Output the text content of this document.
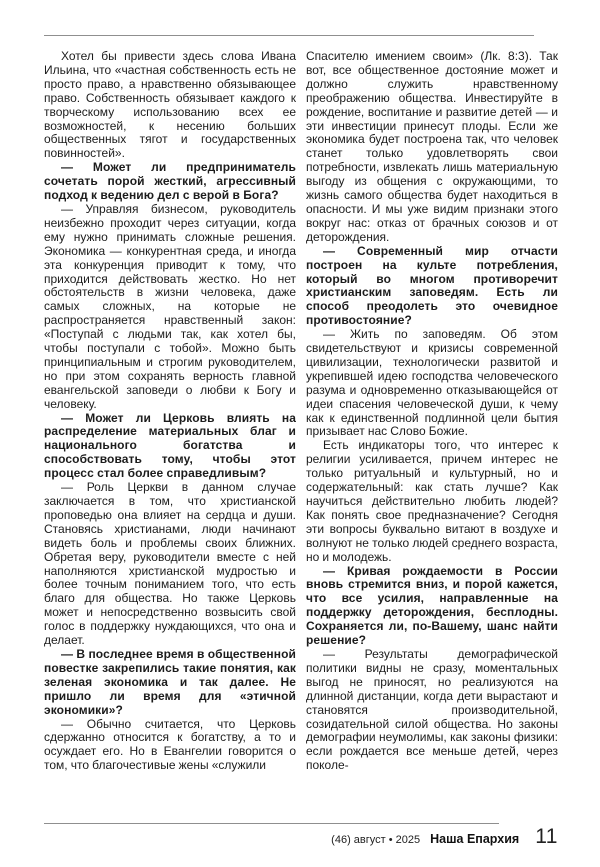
Хотел бы привести здесь слова Ивана Ильина, что «частная собственность есть не просто право, а нравственно обязывающее право. Собственность обязывает каждого к творческому использованию всех ее возможностей, к несению больших общественных тягот и государственных повинностей».

— Может ли предприниматель сочетать порой жесткий, агрессивный подход к ведению дел с верой в Бога?

— Управляя бизнесом, руководитель неизбежно проходит через ситуации, когда ему нужно принимать сложные решения. Экономика — конкурентная среда, и иногда эта конкуренция приводит к тому, что приходится действовать жестко. Но нет обстоятельств в жизни человека, даже самых сложных, на которые не распространяется нравственный закон: «Поступай с людьми так, как хотел бы, чтобы поступали с тобой». Можно быть принципиальным и строгим руководителем, но при этом сохранять верность главной евангельской заповеди о любви к Богу и человеку.

— Может ли Церковь влиять на распределение материальных благ и национального богатства и способствовать тому, чтобы этот процесс стал более справедливым?

— Роль Церкви в данном случае заключается в том, что христианской проповедью она влияет на сердца и души. Становясь христианами, люди начинают видеть боль и проблемы своих ближних. Обретая веру, руководители вместе с ней наполняются христианской мудростью и более точным пониманием того, что есть благо для общества. Но также Церковь может и непосредственно возвысить свой голос в поддержку нуждающихся, что она и делает.

— В последнее время в общественной повестке закрепились такие понятия, как зеленая экономика и так далее. Не пришло ли время для «этичной экономики»?

— Обычно считается, что Церковь сдержанно относится к богатству, а то и осуждает его. Но в Евангелии говорится о том, что благочестивые жены «служили

Спасителю имением своим» (Лк. 8:3). Так вот, все общественное достояние может и должно служить нравственному преображению общества. Инвестируйте в рождение, воспитание и развитие детей — и эти инвестиции принесут плоды. Если же экономика будет построена так, что человек станет только удовлетворять свои потребности, извлекать лишь материальную выгоду из общения с окружающими, то жизнь самого общества будет находиться в опасности. И мы уже видим признаки этого вокруг нас: отказ от брачных союзов и от деторождения.

— Современный мир отчасти построен на культе потребления, который во многом противоречит христианским заповедям. Есть ли способ преодолеть это очевидное противостояние?

— Жить по заповедям. Об этом свидетельствуют и кризисы современной цивилизации, технологически развитой и укрепившей идею господства человеческого разума и одновременно отказывающейся от идеи спасения человеческой души, к чему как к единственной подлинной цели бытия призывает нас Слово Божие.

Есть индикаторы того, что интерес к религии усиливается, причем интерес не только ритуальный и культурный, но и содержательный: как стать лучше? Как научиться действительно любить людей? Как понять свое предназначение? Сегодня эти вопросы буквально витают в воздухе и волнуют не только людей среднего возраста, но и молодежь.

— Кривая рождаемости в России вновь стремится вниз, и порой кажется, что все усилия, направленные на поддержку деторождения, бесплодны. Сохраняется ли, по-Вашему, шанс найти решение?

— Результаты демографической политики видны не сразу, моментальных выгод не приносят, но реализуются на длинной дистанции, когда дети вырастают и становятся производительной, созидательной силой общества. Но законы демографии неумолимы, как законы физики: если рождается все меньше детей, через поколе-

(46) август • 2025 Наша Епархия 11
